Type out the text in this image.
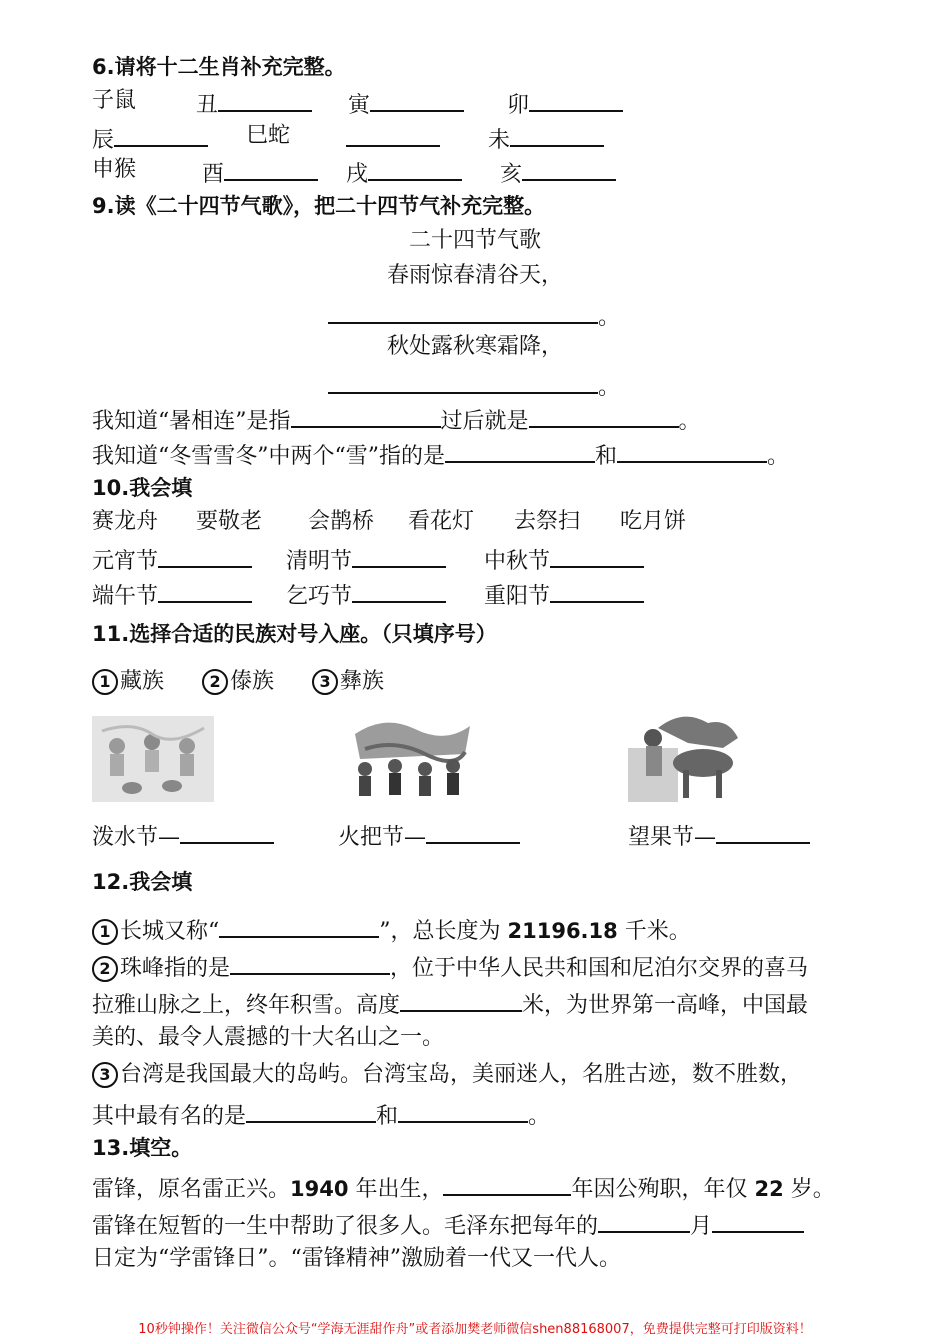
6.请将十二生肖补充完整。
子鼠	丑	寅	卯
辰	巳蛇	未
申猴	酉	戌	亥
9.读《二十四节气歌》，把二十四节气补充完整。
二十四节气歌
春雨惊春清谷天，
。
秋处露秋寒霜降，
。
我知道“暑相连”是指	过后就是	。
我知道“冬雪雪冬”中两个“雪”指的是	和	。
10.我会填
赛龙舟 要敬老 会鹊桥 看花灯 去祭扫 吃月饼
元宵节	清明节	中秋节
端午节	乞巧节	重阳节
11.选择合适的民族对号入座。（只填序号）
1 藏族	2 傣族	3 彝族
泼水节—	火把节—	望果节—
12.我会填
1 长城又称“	”，总长度为 21196.18 千米。
2 珠峰指的是	，位于中华人民共和国和尼泊尔交界的喜马
拉雅山脉之上，终年积雪。高度	米，为世界第一高峰，中国最
美的、最令人震撼的十大名山之一。
3 台湾是我国最大的岛屿。台湾宝岛，美丽迷人，名胜古迹，数不胜数，
其中最有名的是	和	。
13.填空。
雷锋，原名雷正兴。1940 年出生，	年因公殉职，年仅 22 岁。
雷锋在短暂的一生中帮助了很多人。毛泽东把每年的	月
日定为“学雷锋日”。“雷锋精神”激励着一代又一代人。
10秒钟操作！关注微信公众号“学海无涯甜作舟”或者添加樊老师微信shen88168007，免费提供完整可打印版资料！
